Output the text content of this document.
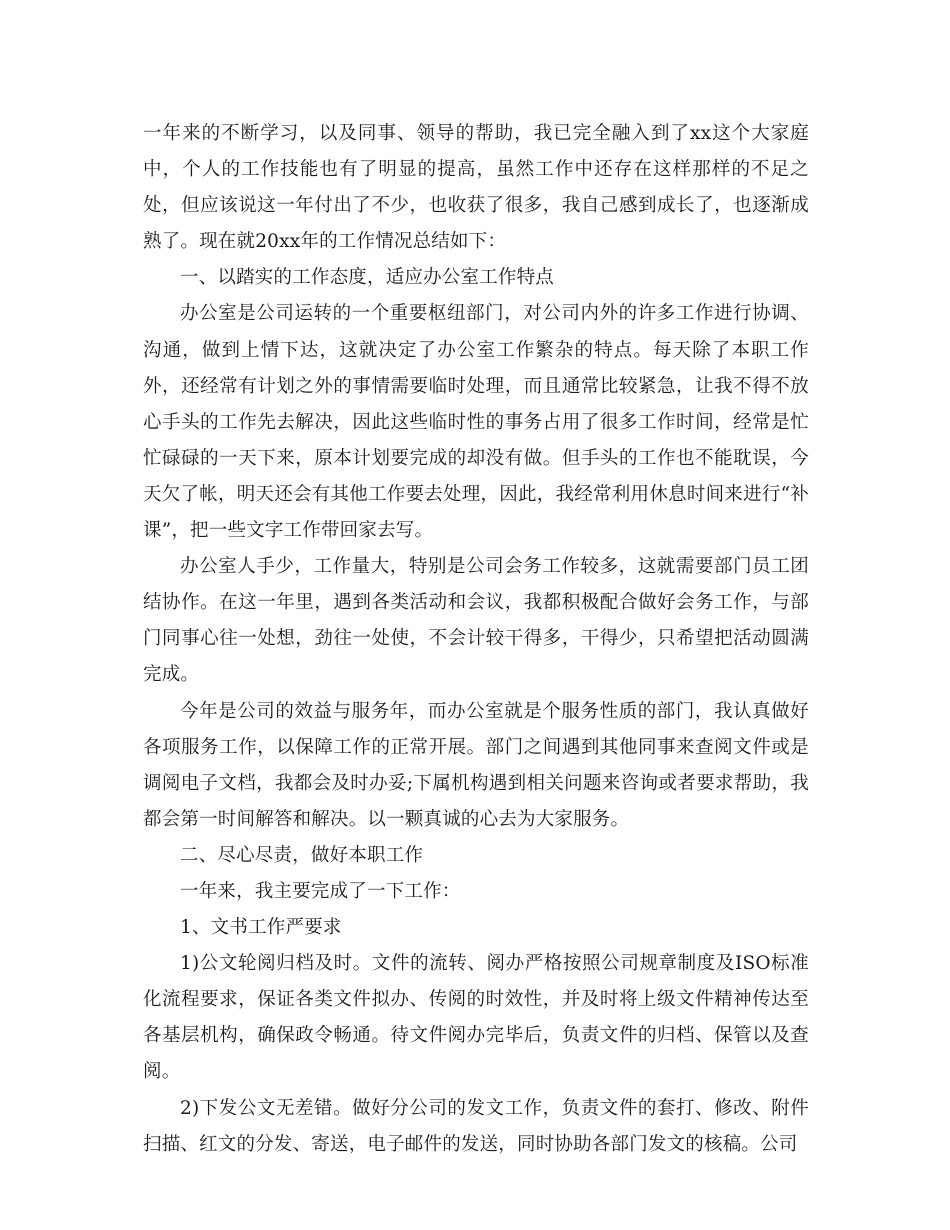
一年来的不断学习，以及同事、领导的帮助，我已完全融入到了xx这个大家庭中，个人的工作技能也有了明显的提高，虽然工作中还存在这样那样的不足之处，但应该说这一年付出了不少，也收获了很多，我自己感到成长了，也逐渐成熟了。现在就20xx年的工作情况总结如下：

一、以踏实的工作态度，适应办公室工作特点

办公室是公司运转的一个重要枢纽部门，对公司内外的许多工作进行协调、沟通，做到上情下达，这就决定了办公室工作繁杂的特点。每天除了本职工作外，还经常有计划之外的事情需要临时处理，而且通常比较紧急，让我不得不放心手头的工作先去解决，因此这些临时性的事务占用了很多工作时间，经常是忙忙碌碌的一天下来，原本计划要完成的却没有做。但手头的工作也不能耽误，今天欠了帐，明天还会有其他工作要去处理，因此，我经常利用休息时间来进行“补课”，把一些文字工作带回家去写。

办公室人手少，工作量大，特别是公司会务工作较多，这就需要部门员工团结协作。在这一年里，遇到各类活动和会议，我都积极配合做好会务工作，与部门同事心往一处想，劲往一处使，不会计较干得多，干得少，只希望把活动圆满完成。

今年是公司的效益与服务年，而办公室就是个服务性质的部门，我认真做好各项服务工作，以保障工作的正常开展。部门之间遇到其他同事来查阅文件或是调阅电子文档，我都会及时办妥;下属机构遇到相关问题来咨询或者要求帮助，我都会第一时间解答和解决。以一颗真诚的心去为大家服务。

二、尽心尽责，做好本职工作

一年来，我主要完成了一下工作：

1、文书工作严要求

1)公文轮阅归档及时。文件的流转、阅办严格按照公司规章制度及ISO标准化流程要求，保证各类文件拟办、传阅的时效性，并及时将上级文件精神传达至各基层机构，确保政令畅通。待文件阅办完毕后，负责文件的归档、保管以及查阅。

2)下发公文无差错。做好分公司的发文工作，负责文件的套打、修改、附件扫描、红文的分发、寄送，电子邮件的发送，同时协助各部门发文的核稿。公司
